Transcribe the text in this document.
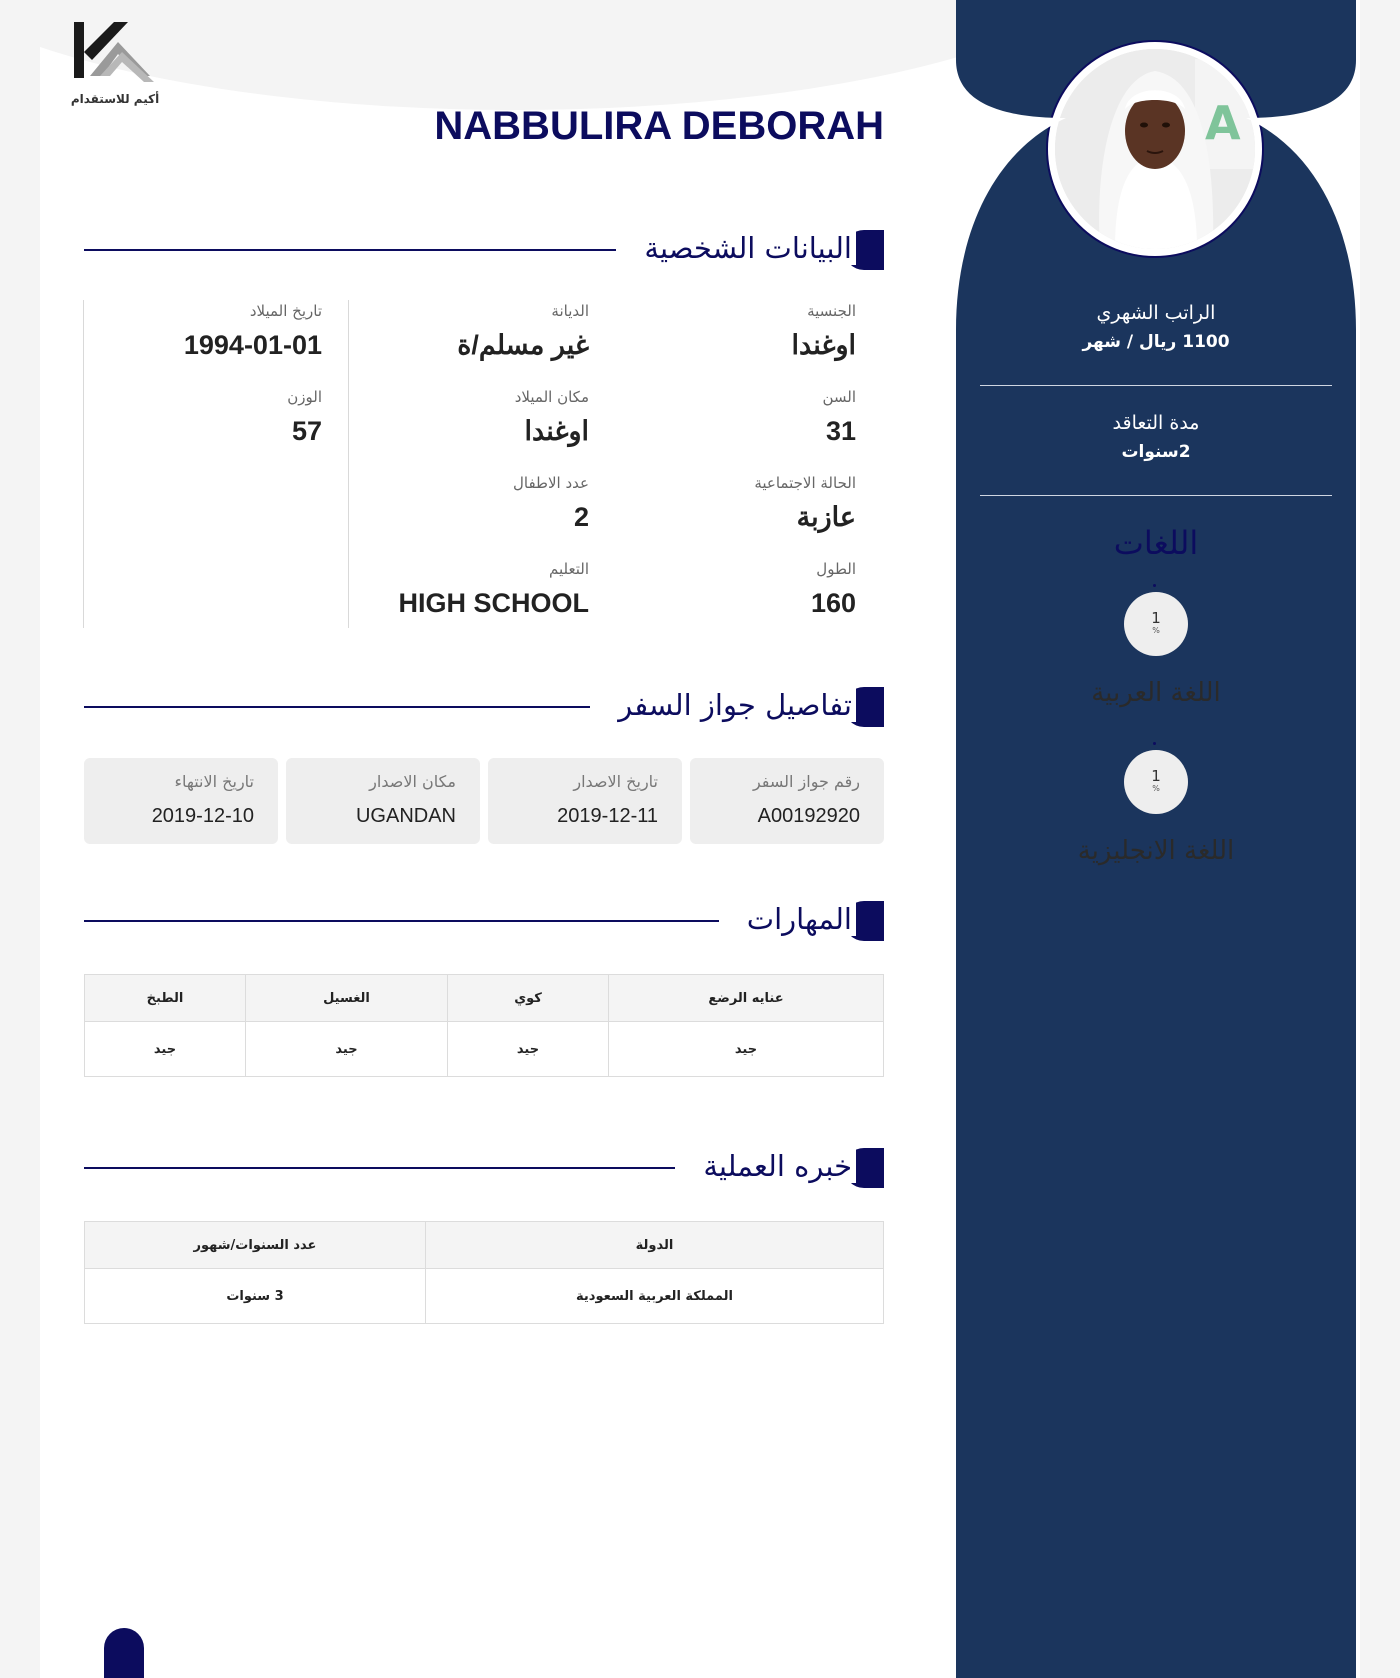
أكيم للاستقدام
NABBULIRA DEBORAH
البيانات الشخصية
الجنسية
اوغندا
السن
31
الحالة الاجتماعية
عازبة
الطول
160
الديانة
غير مسلم/ة
مكان الميلاد
اوغندا
عدد الاطفال
2
التعليم
HIGH SCHOOL
تاريخ الميلاد
1994-01-01
الوزن
57
تفاصيل جواز السفر
رقم جواز السفر
A00192920
تاريخ الاصدار
2019-12-11
مكان الاصدار
UGANDAN
تاريخ الانتهاء
2019-12-10
المهارات
عنايه الرضع	كوي	الغسيل	الطبخ
جيد	جيد	جيد	جيد
خبره العملية
الدولة	عدد السنوات/شهور
المملكة العربية السعودية	3 سنوات
A
الراتب الشهري
1100 ريال / شهر
مدة التعاقد
2سنوات
اللغات
1
%
اللغة العربية
1
%
اللغة الانجليزية
